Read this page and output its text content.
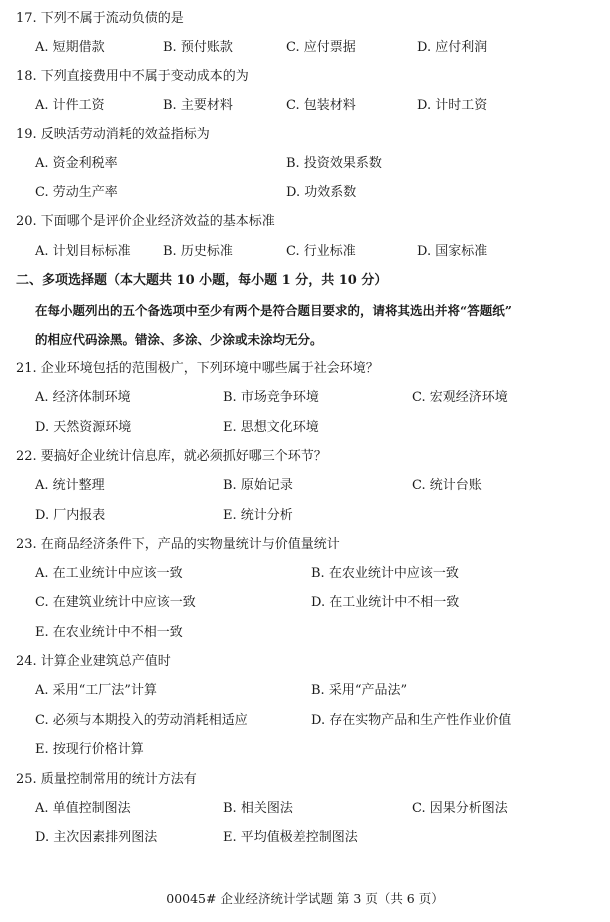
17. 下列不属于流动负债的是
A. 短期借款	B. 预付账款	C. 应付票据	D. 应付利润
18. 下列直接费用中不属于变动成本的为
A. 计件工资	B. 主要材料	C. 包装材料	D. 计时工资
19. 反映活劳动消耗的效益指标为
A. 资金利税率	B. 投资效果系数
C. 劳动生产率	D. 功效系数
20. 下面哪个是评价企业经济效益的基本标准
A. 计划目标标准 B. 历史标准	C. 行业标准	D. 国家标准
二、多项选择题（本大题共 10 小题，每小题 1 分，共 10 分）
在每小题列出的五个备选项中至少有两个是符合题目要求的，请将其选出并将“答题纸”
的相应代码涂黑。错涂、多涂、少涂或未涂均无分。
21. 企业环境包括的范围极广，下列环境中哪些属于社会环境？
A. 经济体制环境	B. 市场竞争环境	C. 宏观经济环境
D. 天然资源环境	E. 思想文化环境
22. 要搞好企业统计信息库，就必须抓好哪三个环节？
A. 统计整理	B. 原始记录	C. 统计台账
D. 厂内报表	E. 统计分析
23. 在商品经济条件下，产品的实物量统计与价值量统计
A. 在工业统计中应该一致	B. 在农业统计中应该一致
C. 在建筑业统计中应该一致	D. 在工业统计中不相一致
E. 在农业统计中不相一致
24. 计算企业建筑总产值时
A. 采用“工厂法”计算	B. 采用“产品法”
C. 必须与本期投入的劳动消耗相适应	D. 存在实物产品和生产性作业价值
E. 按现行价格计算
25. 质量控制常用的统计方法有
A. 单值控制图法	B. 相关图法	C. 因果分析图法
D. 主次因素排列图法	E. 平均值极差控制图法
00045# 企业经济统计学试题 第 3 页（共 6 页）
